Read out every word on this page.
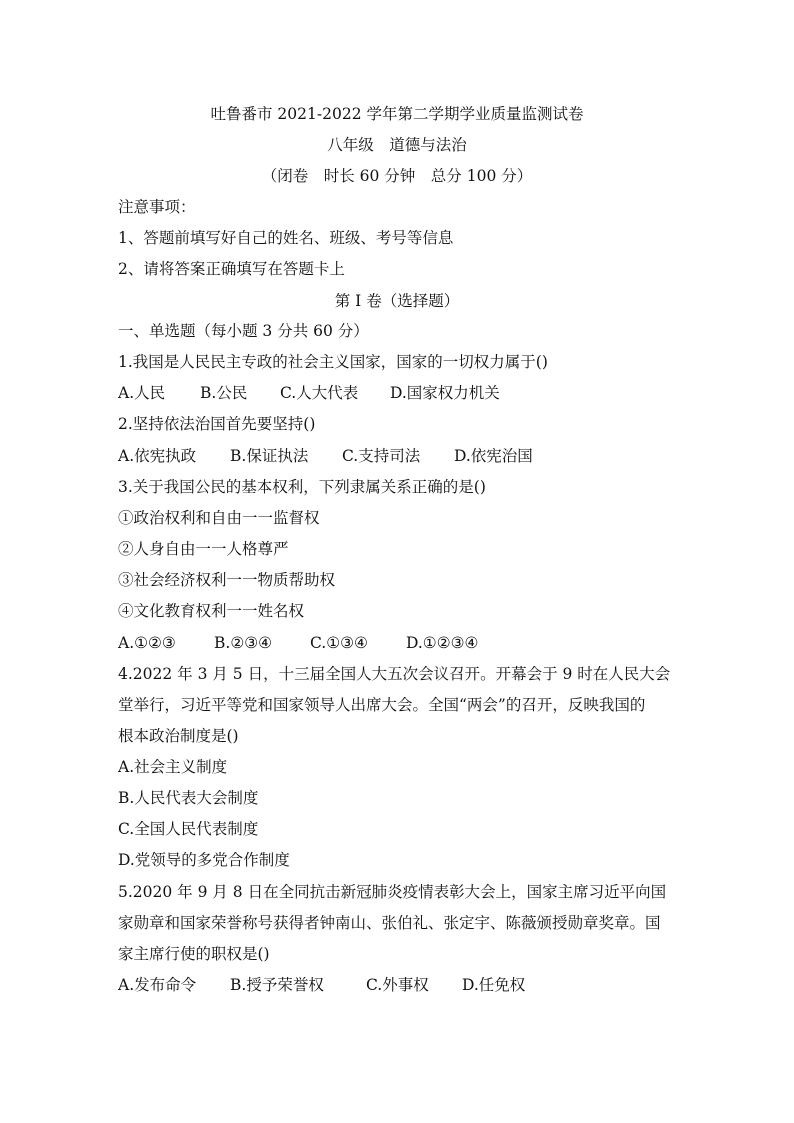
吐鲁番市 2021-2022 学年第二学期学业质量监测试卷
八年级　道德与法治
（闭卷　时长 60 分钟　总分 100 分）
注意事项：
1、答题前填写好自己的姓名、班级、考号等信息
2、请将答案正确填写在答题卡上
第 I 卷（选择题）
一、单选题（每小题 3 分共 60 分）
1.我国是人民民主专政的社会主义国家，国家的一切权力属于()
A.人民 B.公民 C.人大代表 D.国家权力机关
2.坚持依法治国首先要坚持()
A.依宪执政 B.保证执法 C.支持司法 D.依宪治国
3.关于我国公民的基本权利，下列隶属关系正确的是()
①政治权利和自由一一监督权
②人身自由一一人格尊严
③社会经济权利一一物质帮助权
④文化教育权利一一姓名权
A.①②③ B.②③④ C.①③④ D.①②③④
4.2022 年 3 月 5 日，十三届全国人大五次会议召开。开幕会于 9 时在人民大会
堂举行，习近平等党和国家领导人出席大会。全国“两会”的召开，反映我国的
根本政治制度是()
A.社会主义制度
B.人民代表大会制度
C.全国人民代表制度
D.党领导的多党合作制度
5.2020 年 9 月 8 日在全同抗击新冠肺炎疫情表彰大会上，国家主席习近平向国
家勋章和国家荣誉称号获得者钟南山、张伯礼、张定宇、陈薇颁授勋章奖章。国
家主席行使的职权是()
A.发布命令 B.授予荣誉权	C.外事权 D.任免权
